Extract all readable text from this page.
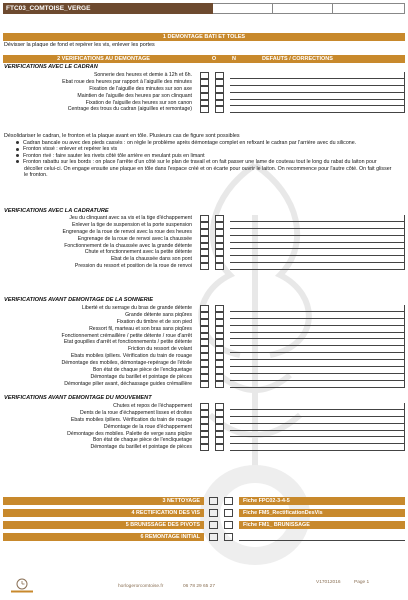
FTC03_COMTOISE_VERGE
1 DEMONTAGE BATI ET TOLES
Dévisser la plaque de fond et repérer les vis, enlever les portes
2 VERIFICATIONS AU DEMONTAGE	O	N	DEFAUTS / CORRECTIONS
VERIFICATIONS AVEC LE CADRAN
Sonnerie des heures et demie à 12h et 6h.
Ebat roue des heures par rapport à l'aiguille des minutes
Fixation de l'aiguille des minutes sur son axe
Maintien de l'aiguille des heures par son clinquant
Fixation de l'aiguille des heures sur son canon
Centrage des trous du cadran (aiguilles et remontage)
Désolidariser le cadran, le fronton et la plaque avant en tôle. Plusieurs cas de figure sont possibles
Cadran bancale ou avec des pieds cassés : on règle le problème après démontage complet en refixant le cadran par l'arrière avec du silicone.
Fronton vissé : enlever et repérer les vis
Fronton rivé : faire sauter les rivets côté tôle arrière en meulant puis en limant
Fronton rabattu sur les bords : on place l'arrête d'un côté sur le plan de travail et on fait passer une lame de couteau tout le long du rabat du laiton pour décoller celui-ci. On engage ensuite une plaque en tôle dans l'espace créé et on écarte pour ouvrir le laiton. On recommence pour l'autre côté. On fait glisser le fronton.
VERIFICATIONS AVEC LA CADRATURE
Jeu du clinquant avec sa vis et la tige d'échappement
Enlever la tige de suspension et la porte suspension
Engrenage de la roue de renvoi avec la roue des heures
Engrenage de la roue de renvoi avec la chaussée
Fonctionnement de la chaussée avec la grande détente
Chute et fonctionnement avec la petite détente
Ebat de la chaussée dans son pont
Pression du ressort et position de la roue de renvoi
VERIFICATIONS AVANT DEMONTAGE DE LA SONNERIE
Liberté et du serrage du bras de grande détente
Grande détente sans piqûres
Fixation du timbre et de son pied
Ressort fil, marteau et son bras sans piqûres
Fonctionnement crémaillère / petite détente / roue d'arrêt
Etat goupilles d'arrêt et fonctionnements / petite détente
Friction du ressort de volant
Ebats mobiles /piliers. Vérification du train de rouage
Démontage des mobiles, démontage-repérage de l'étoile
Bon état de chaque pièce de l'encliquetage
Démontage du barillet et pointage de pièces
Démontage pilier avant, déchassage guides crémaillère
VERIFICATIONS AVANT DEMONTAGE DU MOUVEMENT
Chutes et repos de l'échappement
Dents de la roue d'échappement lisses et droites
Ebats mobiles /piliers. Vérification du train de rouage
Démontage de la roue d'échappement
Démontage des mobiles. Palette de verge sans piqûre
Bon état de chaque pièce de l'encliquetage
Démontage du barillet et pointage de pièces
3 NETTOYAGE	Fiche FPC02-3-4-5
4 RECTIFICATION DES VIS	Fiche FM5_RectificationDesVis
5 BRUNISSAGE DES PIVOTS	Fiche FM1_ BRUNISSAGE
6 REMONTAGE INITIAL
horlogerorcomtoise.fr	06 78 29 65 27
V17012016	Page 1
